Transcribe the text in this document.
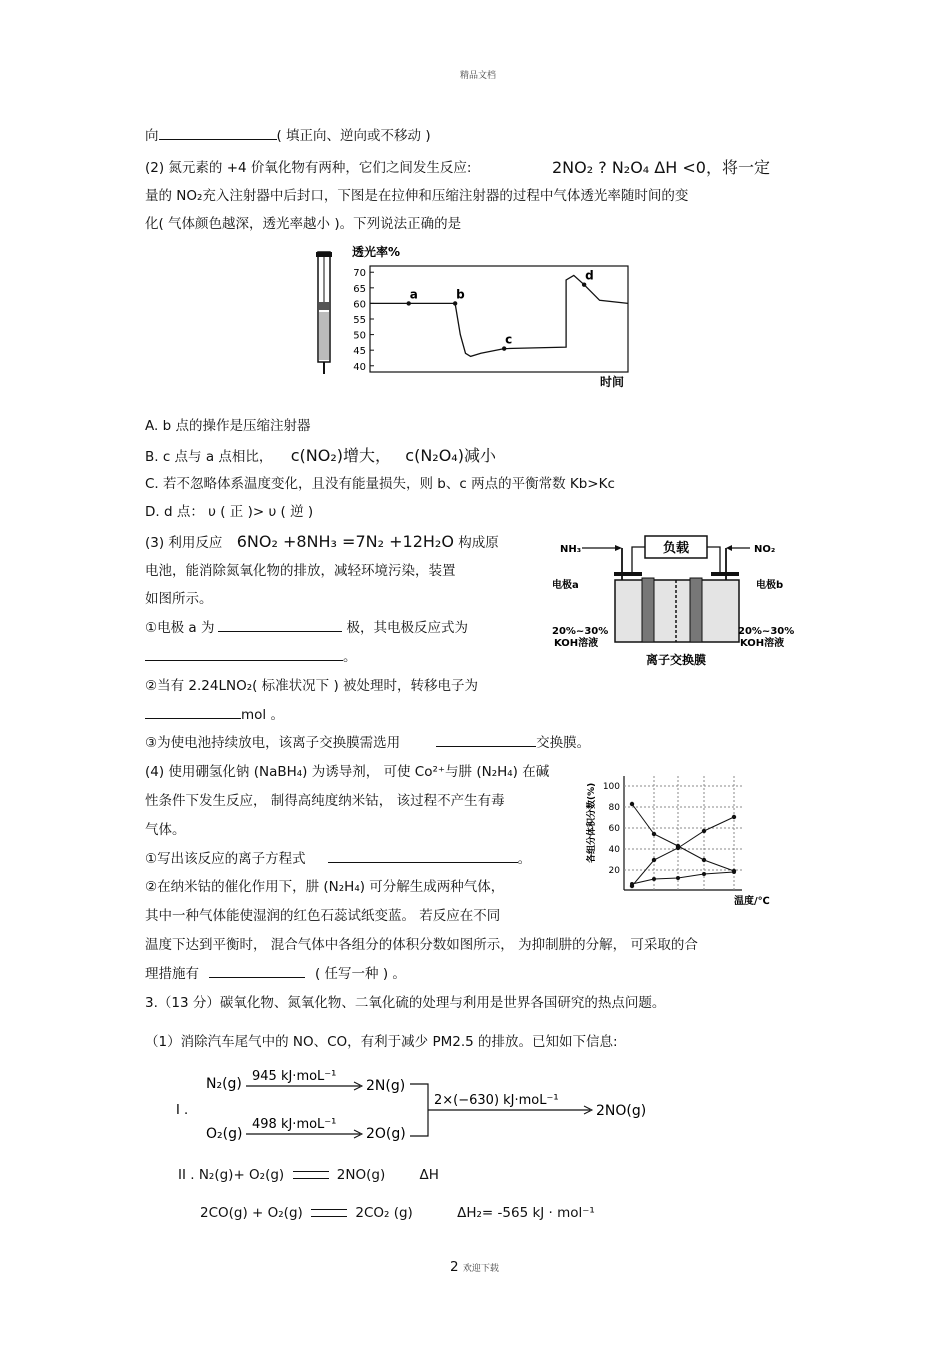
精品文档
向	( 填正向、逆向或不移动 )
(2) 氮元素的 +4 价氧化物有两种，它们之间发生反应:	2NO₂ ? N₂O₄ ΔH <0，将一定
量的 NO₂充入注射器中后封口，下图是在拉伸和压缩注射器的过程中气体透光率随时间的变
化( 气体颜色越深，透光率越小 )。下列说法正确的是
透光率%
时间
40
45
50
55
60
65
70
a	b
c
d
A. b 点的操作是压缩注射器
B. c 点与 a 点相比， c(NO₂)增大， c(N₂O₄)减小
C. 若不忽略体系温度变化，且没有能量损失，则 b、c 两点的平衡常数 Kb>Kc
D. d 点： υ ( 正 )> υ ( 逆 )
(3) 利用反应 6NO₂ +8NH₃ =7N₂ +12H₂O 构成原
电池，能消除氮氧化物的排放，减轻环境污染，装置
如图所示。
①电极 a 为	极，其电极反应式为
。
②当有 2.24LNO₂( 标准状况下 ) 被处理时，转移电子为
mol 。
③为使电池持续放电，该离子交换膜需选用	交换膜。
负载
NH₃	NO₂
电极a	电极b
20%~30%
KOH溶液
20%~30%
KOH溶液
离子交换膜
(4) 使用硼氢化钠 (NaBH₄) 为诱导剂， 可使 Co²⁺与肼 (N₂H₄) 在碱
性条件下发生反应， 制得高纯度纳米钴， 该过程不产生有毒
气体。
①写出该反应的离子方程式	。
②在纳米钴的催化作用下，肼 (N₂H₄) 可分解生成两种气体，
其中一种气体能使湿润的红色石蕊试纸变蓝。 若反应在不同
温度下达到平衡时， 混合气体中各组分的体积分数如图所示， 为抑制肼的分解， 可采取的合
理措施有	( 任写一种 ) 。
各组分体积分数(%) 100
80
60
40
20
温度/℃
3.（13 分）碳氧化物、氮氧化物、二氧化硫的处理与利用是世界各国研究的热点问题。
（1）消除汽车尾气中的 NO、CO，有利于减少 PM2.5 的排放。已知如下信息:
I .
N₂(g) 945 kJ·moL⁻¹
2N(g)
O₂(g)
498 kJ·moL⁻¹
2O(g)
2×(−630) kJ·moL⁻¹
2NO(g)
II . N₂(g)+ O₂(g)	2NO(g)	ΔH
2CO(g) + O₂(g)	2CO₂ (g)	ΔH₂= -565 kJ · mol⁻¹
2 欢迎下载
